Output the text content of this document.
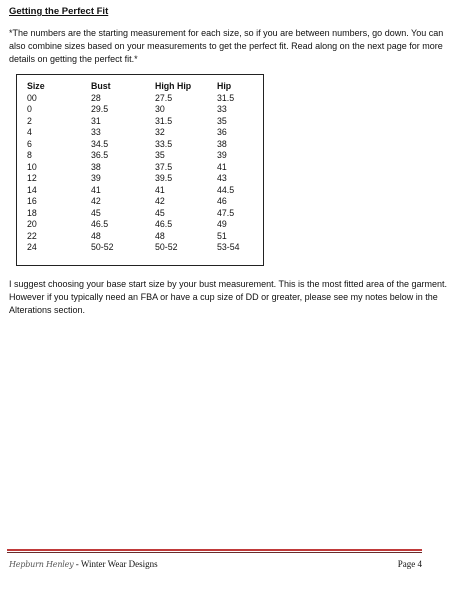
Getting the Perfect Fit
*The numbers are the starting measurement for each size, so if you are between numbers, go down. You can also combine sizes based on your measurements to get the perfect fit. Read along on the next page for more details on getting the perfect fit.*
Size	Bust	High Hip	Hip
00	28	27.5	31.5
0	29.5	30	33
2	31	31.5	35
4	33	32	36
6	34.5	33.5	38
8	36.5	35	39
10	38	37.5	41
12	39	39.5	43
14	41	41	44.5
16	42	42	46
18	45	45	47.5
20	46.5	46.5	49
22	48	48	51
24	50-52	50-52	53-54
I suggest choosing your base start size by your bust measurement. This is the most fitted area of the garment. However if you typically need an FBA or have a cup size of DD or greater, please see my notes below in the Alterations section.
Hepburn Henley - Winter Wear Designs	Page 4
